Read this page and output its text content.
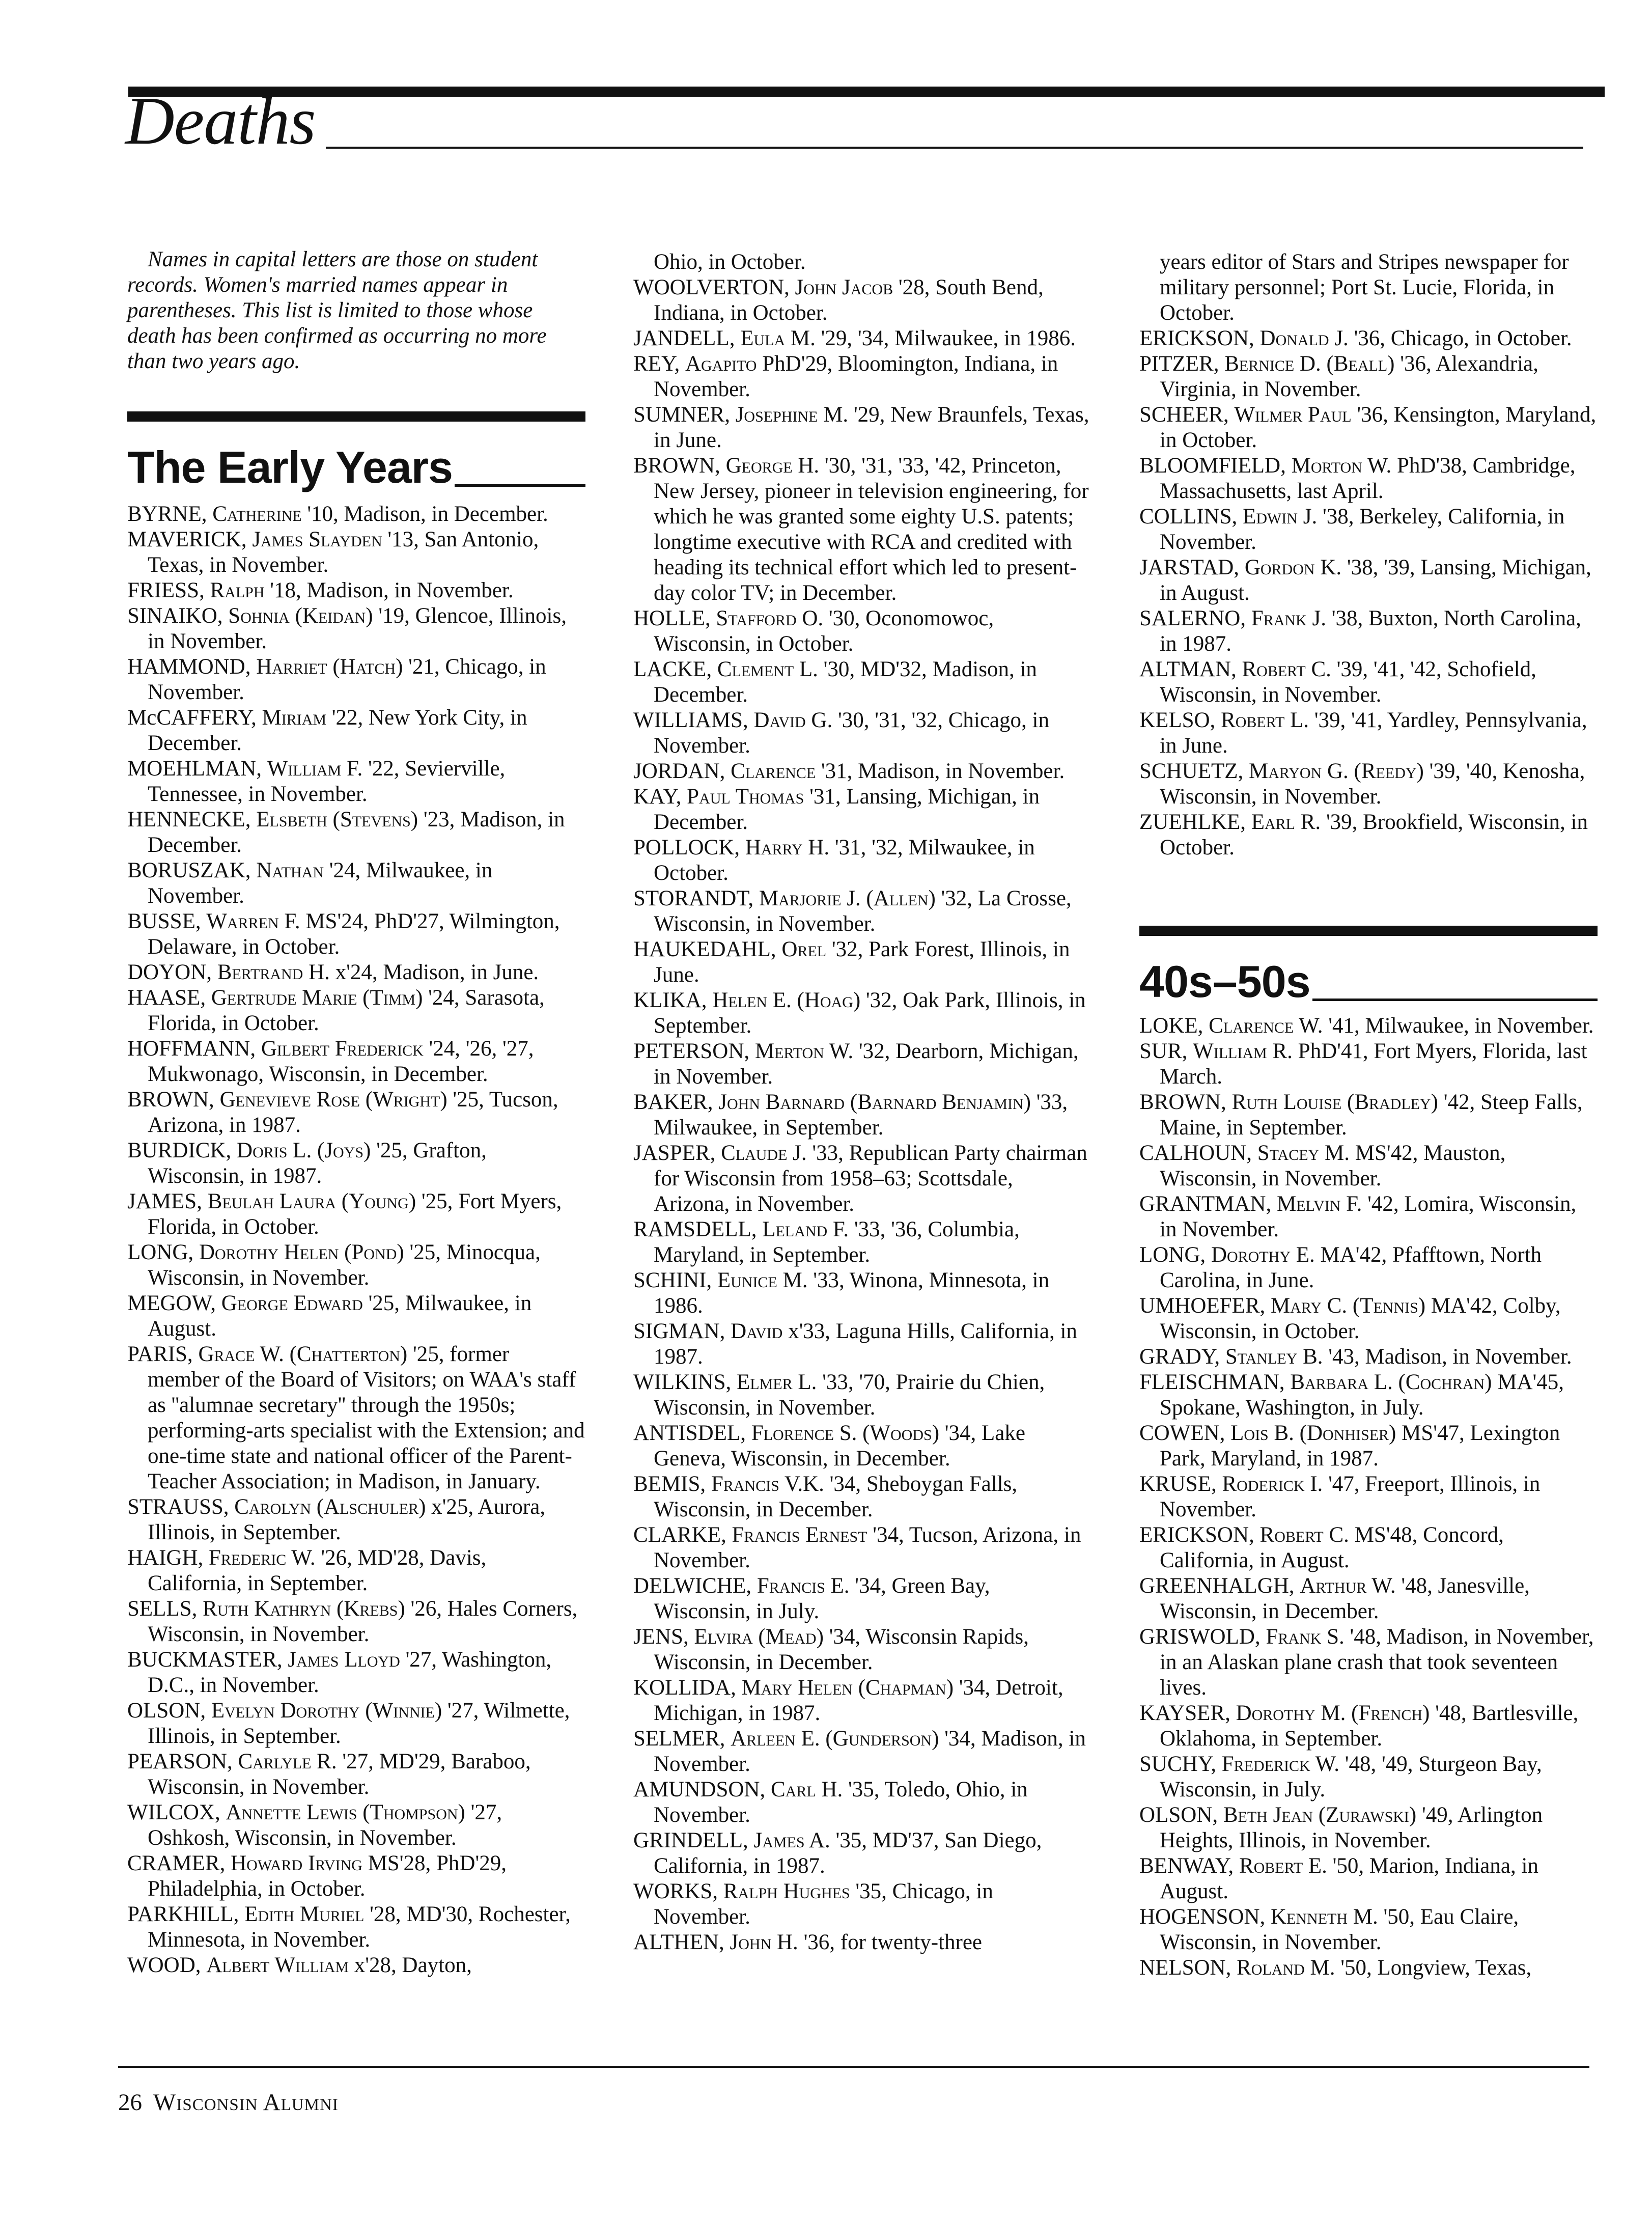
Deaths

Names in capital letters are those on student records. Women's married names appear in parentheses. This list is limited to those whose death has been confirmed as occurring no more than two years ago.

The Early Years
BYRNE, Catherine '10, Madison, in December.
MAVERICK, James Slayden '13, San Antonio, Texas, in November.
FRIESS, Ralph '18, Madison, in November.
SINAIKO, Sohnia (Keidan) '19, Glencoe, Illinois, in November.
HAMMOND, Harriet (Hatch) '21, Chicago, in November.
McCAFFERY, Miriam '22, New York City, in December.
MOEHLMAN, William F. '22, Sevierville, Tennessee, in November.
HENNECKE, Elsbeth (Stevens) '23, Madison, in December.
BORUSZAK, Nathan '24, Milwaukee, in November.
BUSSE, Warren F. MS'24, PhD'27, Wilmington, Delaware, in October.
DOYON, Bertrand H. x'24, Madison, in June.
HAASE, Gertrude Marie (Timm) '24, Sarasota, Florida, in October.
HOFFMANN, Gilbert Frederick '24, '26, '27, Mukwonago, Wisconsin, in December.
BROWN, Genevieve Rose (Wright) '25, Tucson, Arizona, in 1987.
BURDICK, Doris L. (Joys) '25, Grafton, Wisconsin, in 1987.
JAMES, Beulah Laura (Young) '25, Fort Myers, Florida, in October.
LONG, Dorothy Helen (Pond) '25, Minocqua, Wisconsin, in November.
MEGOW, George Edward '25, Milwaukee, in August.
PARIS, Grace W. (Chatterton) '25, former member of the Board of Visitors; on WAA's staff as ''alumnae secretary'' through the 1950s; performing-arts specialist with the Extension; and one-time state and national officer of the Parent-Teacher Association; in Madison, in January.
STRAUSS, Carolyn (Alschuler) x'25, Aurora, Illinois, in September.
HAIGH, Frederic W. '26, MD'28, Davis, California, in September.
SELLS, Ruth Kathryn (Krebs) '26, Hales Corners, Wisconsin, in November.
BUCKMASTER, James Lloyd '27, Washington, D.C., in November.
OLSON, Evelyn Dorothy (Winnie) '27, Wilmette, Illinois, in September.
PEARSON, Carlyle R. '27, MD'29, Baraboo, Wisconsin, in November.
WILCOX, Annette Lewis (Thompson) '27, Oshkosh, Wisconsin, in November.
CRAMER, Howard Irving MS'28, PhD'29, Philadelphia, in October.
PARKHILL, Edith Muriel '28, MD'30, Rochester, Minnesota, in November.
WOOD, Albert William x'28, Dayton,
Ohio, in October.
WOOLVERTON, John Jacob '28, South Bend, Indiana, in October.
JANDELL, Eula M. '29, '34, Milwaukee, in 1986.
REY, Agapito PhD'29, Bloomington, Indiana, in November.
SUMNER, Josephine M. '29, New Braunfels, Texas, in June.
BROWN, George H. '30, '31, '33, '42, Princeton, New Jersey, pioneer in television engineering, for which he was granted some eighty U.S. patents; longtime executive with RCA and credited with heading its technical effort which led to present-day color TV; in December.
HOLLE, Stafford O. '30, Oconomowoc, Wisconsin, in October.
LACKE, Clement L. '30, MD'32, Madison, in December.
WILLIAMS, David G. '30, '31, '32, Chicago, in November.
JORDAN, Clarence '31, Madison, in November.
KAY, Paul Thomas '31, Lansing, Michigan, in December.
POLLOCK, Harry H. '31, '32, Milwaukee, in October.
STORANDT, Marjorie J. (Allen) '32, La Crosse, Wisconsin, in November.
HAUKEDAHL, Orel '32, Park Forest, Illinois, in June.
KLIKA, Helen E. (Hoag) '32, Oak Park, Illinois, in September.
PETERSON, Merton W. '32, Dearborn, Michigan, in November.
BAKER, John Barnard (Barnard Benjamin) '33, Milwaukee, in September.
JASPER, Claude J. '33, Republican Party chairman for Wisconsin from 1958–63; Scottsdale, Arizona, in November.
RAMSDELL, Leland F. '33, '36, Columbia, Maryland, in September.
SCHINI, Eunice M. '33, Winona, Minnesota, in 1986.
SIGMAN, David x'33, Laguna Hills, California, in 1987.
WILKINS, Elmer L. '33, '70, Prairie du Chien, Wisconsin, in November.
ANTISDEL, Florence S. (Woods) '34, Lake Geneva, Wisconsin, in December.
BEMIS, Francis V.K. '34, Sheboygan Falls, Wisconsin, in December.
CLARKE, Francis Ernest '34, Tucson, Arizona, in November.
DELWICHE, Francis E. '34, Green Bay, Wisconsin, in July.
JENS, Elvira (Mead) '34, Wisconsin Rapids, Wisconsin, in December.
KOLLIDA, Mary Helen (Chapman) '34, Detroit, Michigan, in 1987.
SELMER, Arleen E. (Gunderson) '34, Madison, in November.
AMUNDSON, Carl H. '35, Toledo, Ohio, in November.
GRINDELL, James A. '35, MD'37, San Diego, California, in 1987.
WORKS, Ralph Hughes '35, Chicago, in November.
ALTHEN, John H. '36, for twenty-three
years editor of Stars and Stripes newspaper for military personnel; Port St. Lucie, Florida, in October.
ERICKSON, Donald J. '36, Chicago, in October.
PITZER, Bernice D. (Beall) '36, Alexandria, Virginia, in November.
SCHEER, Wilmer Paul '36, Kensington, Maryland, in October.
BLOOMFIELD, Morton W. PhD'38, Cambridge, Massachusetts, last April.
COLLINS, Edwin J. '38, Berkeley, California, in November.
JARSTAD, Gordon K. '38, '39, Lansing, Michigan, in August.
SALERNO, Frank J. '38, Buxton, North Carolina, in 1987.
ALTMAN, Robert C. '39, '41, '42, Schofield, Wisconsin, in November.
KELSO, Robert L. '39, '41, Yardley, Pennsylvania, in June.
SCHUETZ, Maryon G. (Reedy) '39, '40, Kenosha, Wisconsin, in November.
ZUEHLKE, Earl R. '39, Brookfield, Wisconsin, in October.
40s–50s
LOKE, Clarence W. '41, Milwaukee, in November.
SUR, William R. PhD'41, Fort Myers, Florida, last March.
BROWN, Ruth Louise (Bradley) '42, Steep Falls, Maine, in September.
CALHOUN, Stacey M. MS'42, Mauston, Wisconsin, in November.
GRANTMAN, Melvin F. '42, Lomira, Wisconsin, in November.
LONG, Dorothy E. MA'42, Pfafftown, North Carolina, in June.
UMHOEFER, Mary C. (Tennis) MA'42, Colby, Wisconsin, in October.
GRADY, Stanley B. '43, Madison, in November.
FLEISCHMAN, Barbara L. (Cochran) MA'45, Spokane, Washington, in July.
COWEN, Lois B. (Donhiser) MS'47, Lexington Park, Maryland, in 1987.
KRUSE, Roderick I. '47, Freeport, Illinois, in November.
ERICKSON, Robert C. MS'48, Concord, California, in August.
GREENHALGH, Arthur W. '48, Janesville, Wisconsin, in December.
GRISWOLD, Frank S. '48, Madison, in November, in an Alaskan plane crash that took seventeen lives.
KAYSER, Dorothy M. (French) '48, Bartlesville, Oklahoma, in September.
SUCHY, Frederick W. '48, '49, Sturgeon Bay, Wisconsin, in July.
OLSON, Beth Jean (Zurawski) '49, Arlington Heights, Illinois, in November.
BENWAY, Robert E. '50, Marion, Indiana, in August.
HOGENSON, Kenneth M. '50, Eau Claire, Wisconsin, in November.
NELSON, Roland M. '50, Longview, Texas,
26 Wisconsin Alumni
